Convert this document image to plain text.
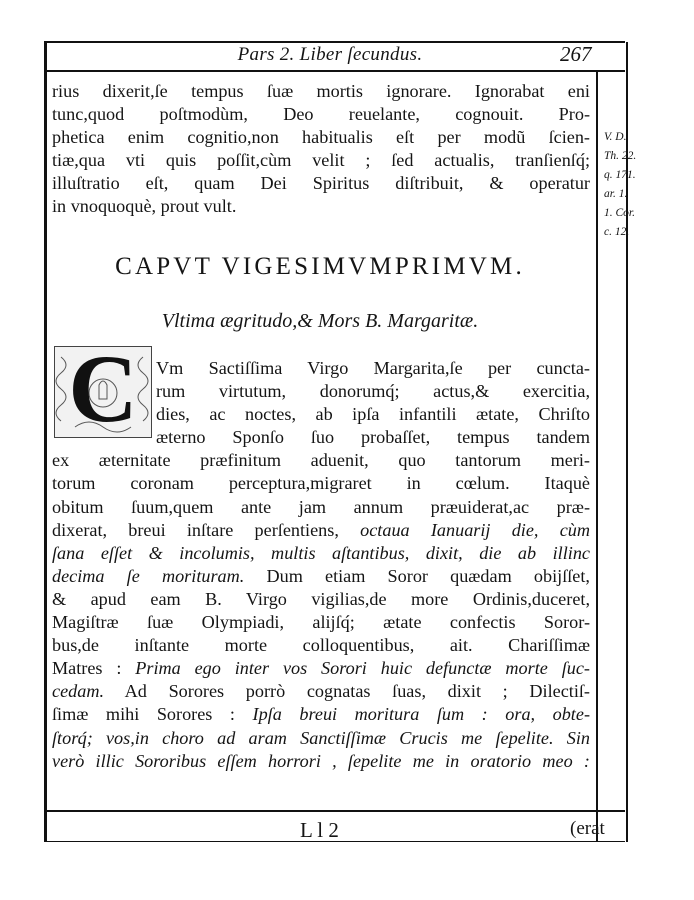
Pars 2. Liber ſecundus.	267
rius dixerit,ſe tempus ſuæ mortis ignorare. Ignorabat eni
tunc,quod poſtmodùm, Deo reuelante, cognouit. Pro-
phetica enim cognitio,non habitualis eſt per modũ ſcien-
tiæ,qua vti quis poſſit,cùm velit ; ſed actualis, tranſienſq́;
illuſtratio eſt, quam Dei Spiritus diſtribuit, & operatur
in vnoquoquè, prout vult.
V. D.
Th. 22.
q. 171.
ar. 1.
1. Cor.
c. 12.
CAPVT VIGESIMVMPRIMVM.
Vltima ægritudo,& Mors B. Margaritæ.
C	Vm Sactiſſima Virgo Margarita,ſe per cuncta-
rum virtutum, donorumq́; actus,& exercitia,
dies, ac noctes, ab ipſa infantili ætate, Chriſto
æterno Sponſo ſuo probaſſet, tempus tandem
ex æternitate præfinitum aduenit, quo tantorum meri-
torum coronam perceptura,migraret in cœlum. Itaquè
obitum ſuum,quem ante jam annum præuiderat,ac præ-
dixerat, breui inſtare perſentiens, octaua Ianuarij die, cùm
ſana eſſet & incolumis, multis aſtantibus, dixit, die ab illinc
decima ſe morituram. Dum etiam Soror quædam obijſſet,
& apud eam B. Virgo vigilias,de more Ordinis,duceret,
Magiſtræ ſuæ Olympiadi, alijſq́; ætate confectis Soror-
bus,de inſtante morte colloquentibus, ait. Chariſſimæ
Matres : Prima ego inter vos Sorori huic defunctæ morte ſuc-
cedam. Ad Sorores porrò cognatas ſuas, dixit ; Dilectiſ-
ſimæ mihi Sorores : Ipſa breui moritura ſum : ora, obte-
ſtorq́; vos,in choro ad aram Sanctiſſimæ Crucis me ſepelite. Sin
verò illic Sororibus eſſem horrori , ſepelite me in oratorio meo :
L l 2	(erat
